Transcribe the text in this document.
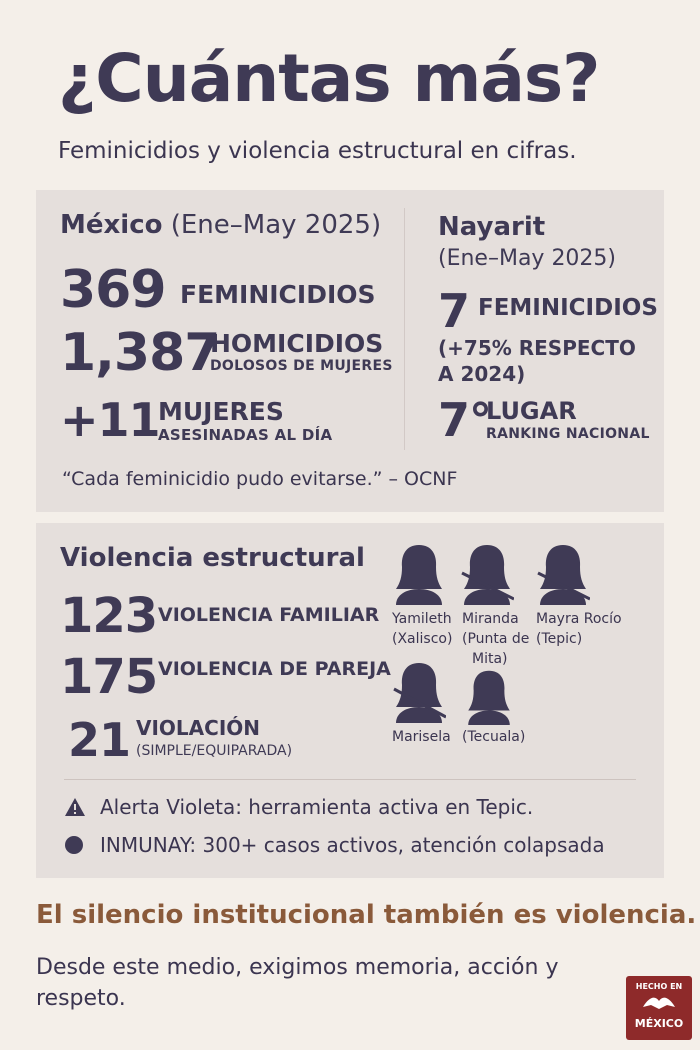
¿Cuántas más?
Feminicidios y violencia estructural en cifras.
México (Ene–May 2025)
369 FEMINICIDIOS
1,387
HOMICIDIOS
DOLOSOS DE MUJERES
+11
MUJERES
ASESINADAS AL DÍA
Nayarit
(Ene–May 2025)
7 FEMINICIDIOS
(+75% RESPECTO
A 2024)
7°
LUGAR
RANKING NACIONAL
“Cada feminicidio pudo evitarse.” – OCNF
Violencia estructural
123 VIOLENCIA FAMILIAR
175 VIOLENCIA DE PAREJA
21 VIOLACIÓN
(SIMPLE/EQUIPARADA)
Yamileth
(Xalisco)
Miranda
(Punta de
Mita)
Mayra Rocío
(Tepic)
Marisela (Tecuala)
Alerta Violeta: herramienta activa en Tepic.
INMUNAY: 300+ casos activos, atención colapsada
El silencio institucional también es violencia.
Desde este medio, exigimos memoria, acción y respeto.	HECHO EN
MÉXICO
